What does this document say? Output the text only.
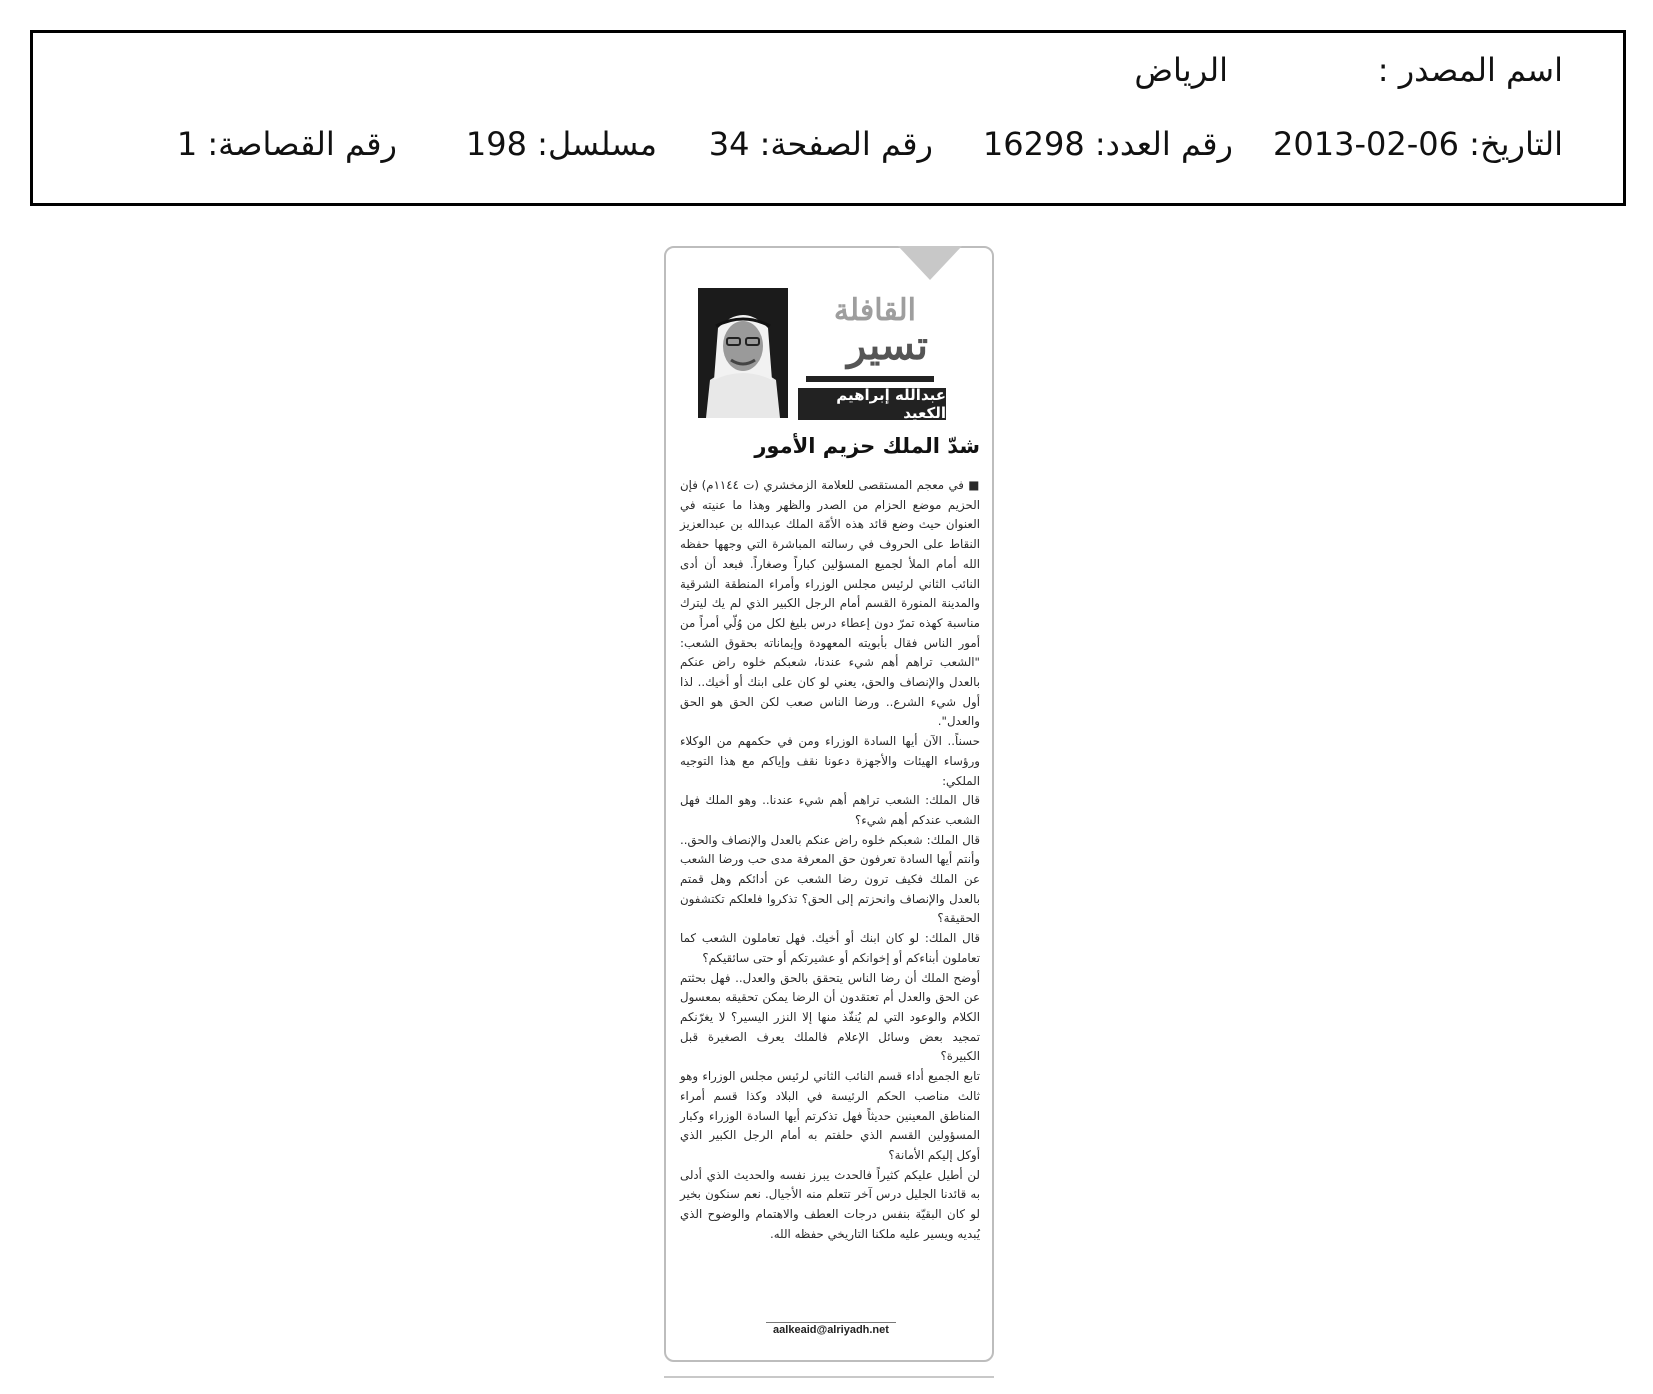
اسم المصدر :
الرياض
التاريخ: 06-02-2013
رقم العدد: 16298
رقم الصفحة: 34
مسلسل: 198
رقم القصاصة: 1
القافلة
تسير
عبدالله إبراهيم الكعيد
شدّ الملك حزيم الأمور

■ في معجم المستقصى للعلامة الزمخشري (ت ١١٤٤م) فإن الحزيم موضع الحزام من الصدر والظهر وهذا ما عنيته في العنوان حيث وضع قائد هذه الأمّة الملك عبدالله بن عبدالعزيز النقاط على الحروف في رسالته المباشرة التي وجهها حفظه الله أمام الملأ لجميع المسؤلين كباراً وصغاراً. فبعد أن أدى النائب الثاني لرئيس مجلس الوزراء وأمراء المنطقة الشرقية والمدينة المنورة القسم أمام الرجل الكبير الذي لم يك ليترك مناسبة كهذه تمرّ دون إعطاء درس بليغ لكل من وُلّي أمراً من أمور الناس فقال بأبويته المعهودة وإيماناته بحقوق الشعب: "الشعب تراهم أهم شيء عندنا، شعبكم خلوه راض عنكم بالعدل والإنصاف والحق، يعني لو كان على ابنك أو أخيك.. لذا أول شيء الشرع.. ورضا الناس صعب لكن الحق هو الحق والعدل".

حسناً.. الآن أيها السادة الوزراء ومن في حكمهم من الوكلاء ورؤساء الهيئات والأجهزة دعونا نقف وإياكم مع هذا التوجيه الملكي:

قال الملك: الشعب تراهم أهم شيء عندنا.. وهو الملك فهل الشعب عندكم أهم شيء؟

قال الملك: شعبكم خلوه راض عنكم بالعدل والإنصاف والحق.. وأنتم أيها السادة تعرفون حق المعرفة مدى حب ورضا الشعب عن الملك فكيف ترون رضا الشعب عن أدائكم وهل قمتم بالعدل والإنصاف وانحزتم إلى الحق؟ تذكروا فلعلكم تكتشفون الحقيقة؟

قال الملك: لو كان ابنك أو أخيك. فهل تعاملون الشعب كما تعاملون أبناءكم أو إخوانكم أو عشيرتكم أو حتى سائقيكم؟

أوضح الملك أن رضا الناس يتحقق بالحق والعدل.. فهل بحثتم عن الحق والعدل أم تعتقدون أن الرضا يمكن تحقيقه بمعسول الكلام والوعود التي لم يُنفّذ منها إلا النزر اليسير؟ لا يغرّنكم تمجيد بعض وسائل الإعلام فالملك يعرف الصغيرة قبل الكبيرة؟

تابع الجميع أداء قسم النائب الثاني لرئيس مجلس الوزراء وهو ثالث مناصب الحكم الرئيسة في البلاد وكذا قسم أمراء المناطق المعينين حديثاً فهل تذكرتم أيها السادة الوزراء وكبار المسؤولين القسم الذي حلفتم به أمام الرجل الكبير الذي أوكل إليكم الأمانة؟

لن أطيل عليكم كثيراً فالحدث يبرز نفسه والحديث الذي أدلى به قائدنا الجليل درس آخر تتعلم منه الأجيال. نعم سنكون بخير لو كان البقيّة بنفس درجات العطف والاهتمام والوضوح الذي يُبديه ويسير عليه ملكنا التاريخي حفظه الله.

aalkeaid@alriyadh.net
